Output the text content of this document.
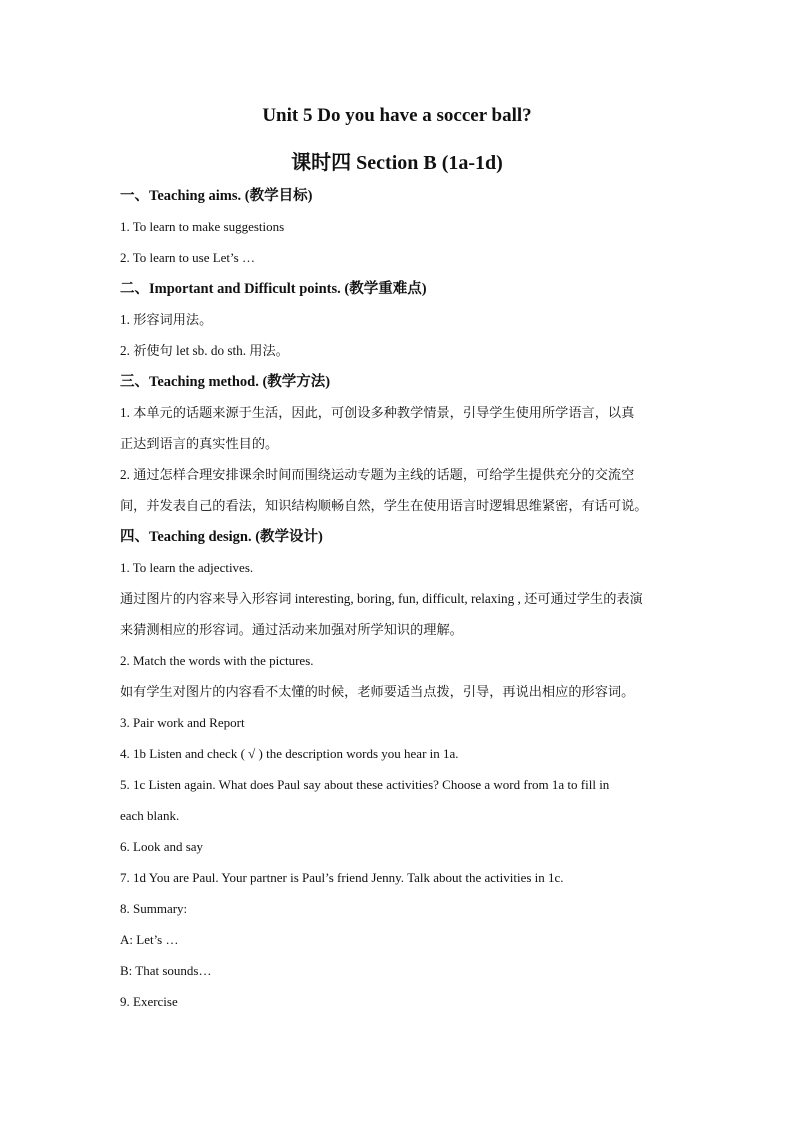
Unit 5 Do you have a soccer ball?
课时四 Section B (1a-1d)

一、Teaching aims. (教学目标)

1. To learn to make suggestions

2. To learn to use Let’s …

二、Important and Difficult points. (教学重难点)

1. 形容词用法。

2. 祈使句 let sb. do sth. 用法。

三、Teaching method. (教学方法)

1. 本单元的话题来源于生活，因此，可创设多种教学情景，引导学生使用所学语言，以真

正达到语言的真实性目的。

2. 通过怎样合理安排课余时间而围绕运动专题为主线的话题，可给学生提供充分的交流空

间，并发表自己的看法，知识结构顺畅自然，学生在使用语言时逻辑思维紧密，有话可说。

四、Teaching design. (教学设计)

1. To learn the adjectives.

通过图片的内容来导入形容词 interesting, boring, fun, difficult, relaxing , 还可通过学生的表演

来猜测相应的形容词。通过活动来加强对所学知识的理解。

2. Match the words with the pictures.

如有学生对图片的内容看不太懂的时候，老师要适当点拨，引导，再说出相应的形容词。

3. Pair work and Report

4. 1b Listen and check ( √ ) the description words you hear in 1a.

5. 1c Listen again. What does Paul say about these activities? Choose a word from 1a to fill in

each blank.

6. Look and say

7. 1d You are Paul. Your partner is Paul’s friend Jenny. Talk about the activities in 1c.

8. Summary:

A: Let’s …

B: That sounds…

9. Exercise
